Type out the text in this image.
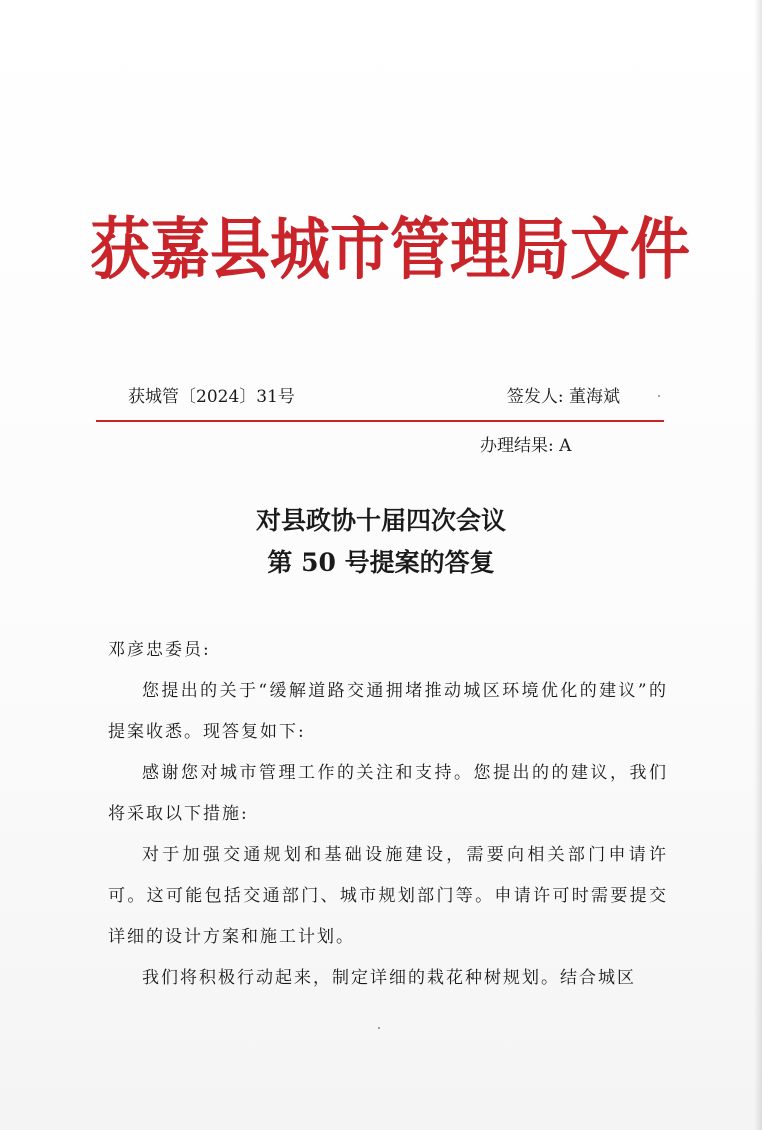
获嘉县城市管理局文件
获城管〔2024〕31号	签发人: 董海斌
办理结果: A
对县政协十届四次会议
第 50 号提案的答复

邓彦忠委员:

您提出的关于“缓解道路交通拥堵推动城区环境优化的建议”的提案收悉。现答复如下:

感谢您对城市管理工作的关注和支持。您提出的的建议，我们将采取以下措施:

对于加强交通规划和基础设施建设，需要向相关部门申请许可。这可能包括交通部门、城市规划部门等。申请许可时需要提交详细的设计方案和施工计划。

我们将积极行动起来，制定详细的栽花种树规划。结合城区
